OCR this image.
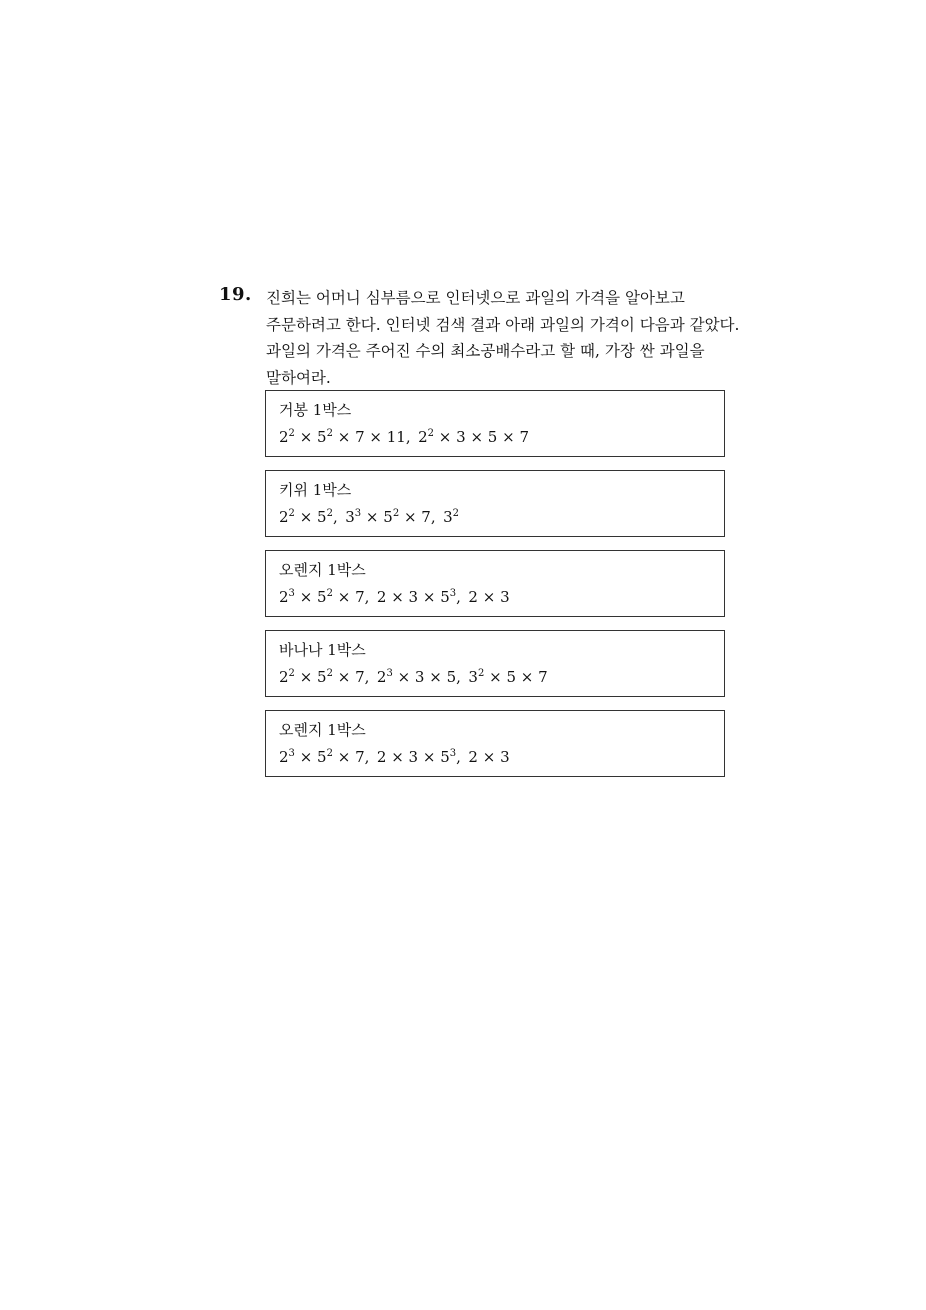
19. 진희는 어머니 심부름으로 인터넷으로 과일의 가격을 알아보고
주문하려고 한다. 인터넷 검색 결과 아래 과일의 가격이 다음과 같았다.
과일의 가격은 주어진 수의 최소공배수라고 할 때, 가장 싼 과일을
말하여라.
거봉 1박스
$2^2 \times 5^2 \times 7 \times 11$, $2^2 \times 3 \times 5 \times 7$
키위 1박스
$2^2 \times 5^2$, $3^3 \times 5^2 \times 7$, $3^2$
오렌지 1박스
$2^3 \times 5^2 \times 7$, $2 \times 3 \times 5^3$, 2 × 3
바나나 1박스
$2^2 \times 5^2 \times 7$, $2^3 \times 3 \times 5$, $3^2 \times 5 \times 7$
오렌지 1박스
$2^3 \times 5^2 \times 7$, $2 \times 3 \times 5^3$, 2 × 3
